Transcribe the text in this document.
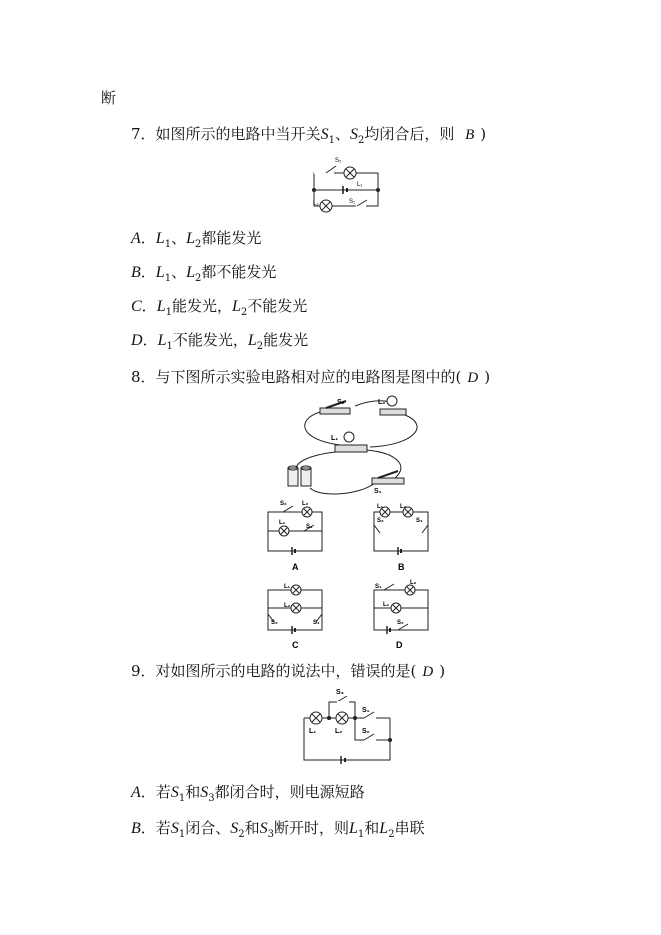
断
7．如图所示的电路中当开关$S_1$、$S_2$均闭合后，则 B )
S₂
L₁
L₂	S₁
A．$L_1$、$L_2$都能发光
B．$L_1$、$L_2$都不能发光
C．$L_1$能发光，$L_2$不能发光
D．$L_1$不能发光，$L_2$能发光
8．与下图所示实验电路相对应的电路图是图中的( D )
S₂	L₂
L₁
S₁
S₂	L₂
L₁
S₁
A
L₁	L₂
S₂	S₁
B
L₁
L₂
S₂	S₁
C
S₁
L₂
L₁
S₂
D
9．对如图所示的电路的说法中，错误的是( D )
S₃
S₁
L₁	L₂	S₂
A．若$S_1$和$S_3$都闭合时，则电源短路
B．若$S_1$闭合、$S_2$和$S_3$断开时，则$L_1$和$L_2$串联
